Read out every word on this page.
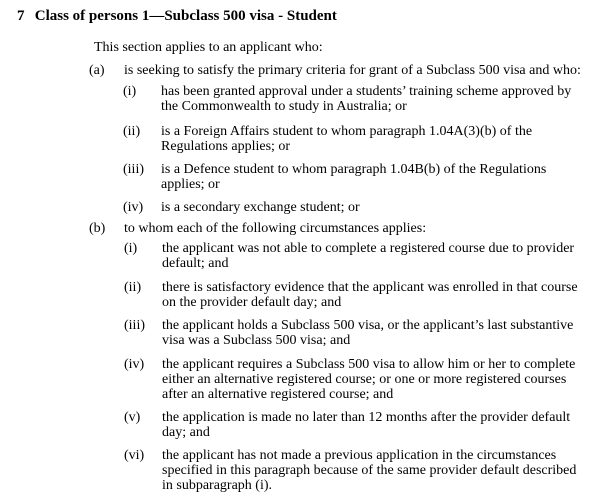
7 Class of persons 1—Subclass 500 visa - Student
This section applies to an applicant who:
(a) is seeking to satisfy the primary criteria for grant of a Subclass 500 visa and who:
(i) has been granted approval under a students’ training scheme approved by
the Commonwealth to study in Australia; or
(ii) is a Foreign Affairs student to whom paragraph 1.04A(3)(b) of the
Regulations applies; or
(iii) is a Defence student to whom paragraph 1.04B(b) of the Regulations
applies; or
(iv) is a secondary exchange student; or
(b) to whom each of the following circumstances applies:
(i) the applicant was not able to complete a registered course due to provider
default; and
(ii) there is satisfactory evidence that the applicant was enrolled in that course
on the provider default day; and
(iii) the applicant holds a Subclass 500 visa, or the applicant’s last substantive
visa was a Subclass 500 visa; and
(iv) the applicant requires a Subclass 500 visa to allow him or her to complete
either an alternative registered course; or one or more registered courses
after an alternative registered course; and
(v) the application is made no later than 12 months after the provider default
day; and
(vi) the applicant has not made a previous application in the circumstances
specified in this paragraph because of the same provider default described
in subparagraph (i).
